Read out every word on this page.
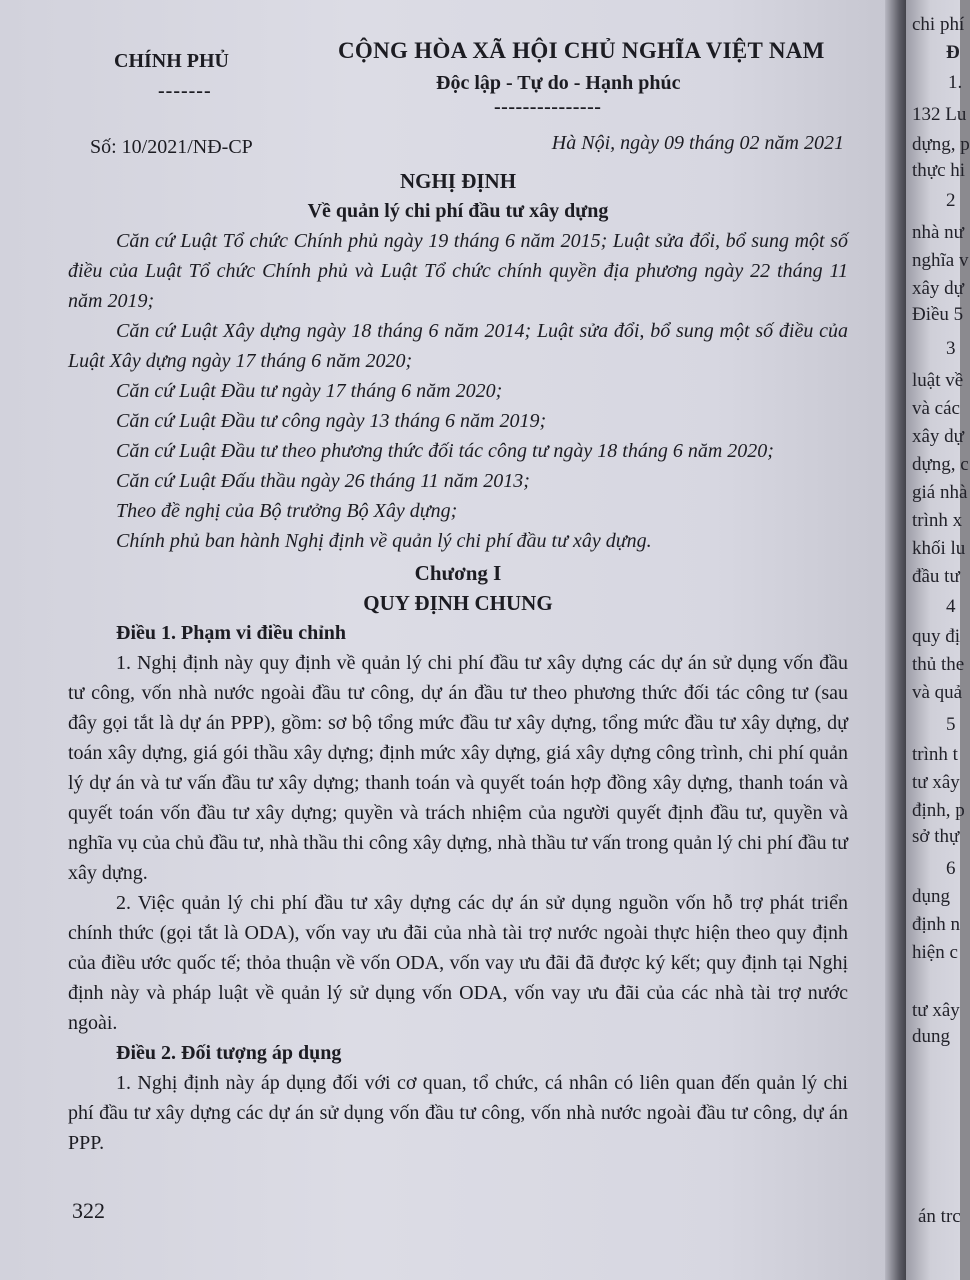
chi phí
Đ
1.
132 Lu
dựng, p
thực hi
2
nhà nư
nghĩa v
xây dự
Điều 5
3
luật về
và các
xây dự
dựng, c
giá nhà
trình x
khối lu
đầu tư
4
quy đị
thủ the
và quả
5
trình t
tư xây
định, p
sở thự
6
dụng
định n
hiện c
tư xây
dung
án trc
CHÍNH PHỦ
-------
CỘNG HÒA XÃ HỘI CHỦ NGHĨA VIỆT NAM
Độc lập - Tự do - Hạnh phúc
---------------
Số: 10/2021/NĐ-CP	Hà Nội, ngày 09 tháng 02 năm 2021
NGHỊ ĐỊNH
Về quản lý chi phí đầu tư xây dựng

Căn cứ Luật Tổ chức Chính phủ ngày 19 tháng 6 năm 2015; Luật sửa đổi, bổ sung một số điều của Luật Tổ chức Chính phủ và Luật Tổ chức chính quyền địa phương ngày 22 tháng 11 năm 2019;

Căn cứ Luật Xây dựng ngày 18 tháng 6 năm 2014; Luật sửa đổi, bổ sung một số điều của Luật Xây dựng ngày 17 tháng 6 năm 2020;

Căn cứ Luật Đầu tư ngày 17 tháng 6 năm 2020;

Căn cứ Luật Đầu tư công ngày 13 tháng 6 năm 2019;

Căn cứ Luật Đầu tư theo phương thức đối tác công tư ngày 18 tháng 6 năm 2020;

Căn cứ Luật Đấu thầu ngày 26 tháng 11 năm 2013;

Theo đề nghị của Bộ trưởng Bộ Xây dựng;

Chính phủ ban hành Nghị định về quản lý chi phí đầu tư xây dựng.

Chương I
QUY ĐỊNH CHUNG

Điều 1. Phạm vi điều chỉnh

1. Nghị định này quy định về quản lý chi phí đầu tư xây dựng các dự án sử dụng vốn đầu tư công, vốn nhà nước ngoài đầu tư công, dự án đầu tư theo phương thức đối tác công tư (sau đây gọi tắt là dự án PPP), gồm: sơ bộ tổng mức đầu tư xây dựng, tổng mức đầu tư xây dựng, dự toán xây dựng, giá gói thầu xây dựng; định mức xây dựng, giá xây dựng công trình, chi phí quản lý dự án và tư vấn đầu tư xây dựng; thanh toán và quyết toán hợp đồng xây dựng, thanh toán và quyết toán vốn đầu tư xây dựng; quyền và trách nhiệm của người quyết định đầu tư, quyền và nghĩa vụ của chủ đầu tư, nhà thầu thi công xây dựng, nhà thầu tư vấn trong quản lý chi phí đầu tư xây dựng.

2. Việc quản lý chi phí đầu tư xây dựng các dự án sử dụng nguồn vốn hỗ trợ phát triển chính thức (gọi tắt là ODA), vốn vay ưu đãi của nhà tài trợ nước ngoài thực hiện theo quy định của điều ước quốc tế; thỏa thuận về vốn ODA, vốn vay ưu đãi đã được ký kết; quy định tại Nghị định này và pháp luật về quản lý sử dụng vốn ODA, vốn vay ưu đãi của các nhà tài trợ nước ngoài.

Điều 2. Đối tượng áp dụng

1. Nghị định này áp dụng đối với cơ quan, tổ chức, cá nhân có liên quan đến quản lý chi phí đầu tư xây dựng các dự án sử dụng vốn đầu tư công, vốn nhà nước ngoài đầu tư công, dự án PPP.

322
